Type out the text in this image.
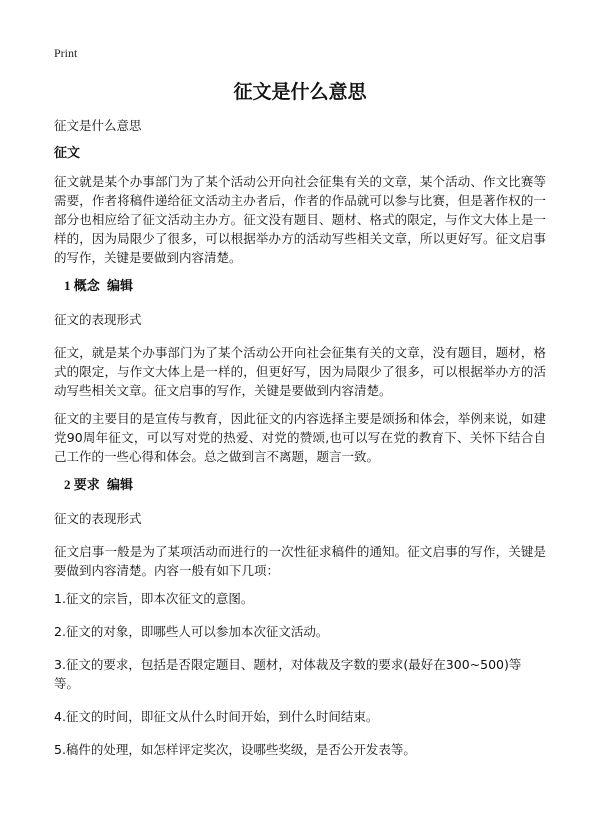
Print
征文是什么意思

征文是什么意思

征文

征文就是某个办事部门为了某个活动公开向社会征集有关的文章，某个活动、作文比赛等需要，作者将稿件递给征文活动主办者后，作者的作品就可以参与比赛，但是著作权的一部分也相应给了征文活动主办方。征文没有题目、题材、格式的限定，与作文大体上是一样的，因为局限少了很多，可以根据举办方的活动写些相关文章，所以更好写。征文启事的写作，关键是要做到内容清楚。

1 概念 编辑

征文的表现形式

征文，就是某个办事部门为了某个活动公开向社会征集有关的文章，没有题目，题材，格式的限定，与作文大体上是一样的，但更好写，因为局限少了很多，可以根据举办方的活动写些相关文章。征文启事的写作，关键是要做到内容清楚。

征文的主要目的是宣传与教育，因此征文的内容选择主要是颂扬和体会，举例来说，如建党90周年征文，可以写对党的热爱、对党的赞颂,也可以写在党的教育下、关怀下结合自己工作的一些心得和体会。总之做到言不离题，题言一致。

2 要求 编辑

征文的表现形式

征文启事一般是为了某项活动而进行的一次性征求稿件的通知。征文启事的写作，关键是要做到内容清楚。内容一般有如下几项：

1.征文的宗旨，即本次征文的意图。

2.征文的对象，即哪些人可以参加本次征文活动。

3.征文的要求，包括是否限定题目、题材，对体裁及字数的要求(最好在300~500)等等。

4.征文的时间，即征文从什么时间开始，到什么时间结束。

5.稿件的处理，如怎样评定奖次，设哪些奖级，是否公开发表等。
